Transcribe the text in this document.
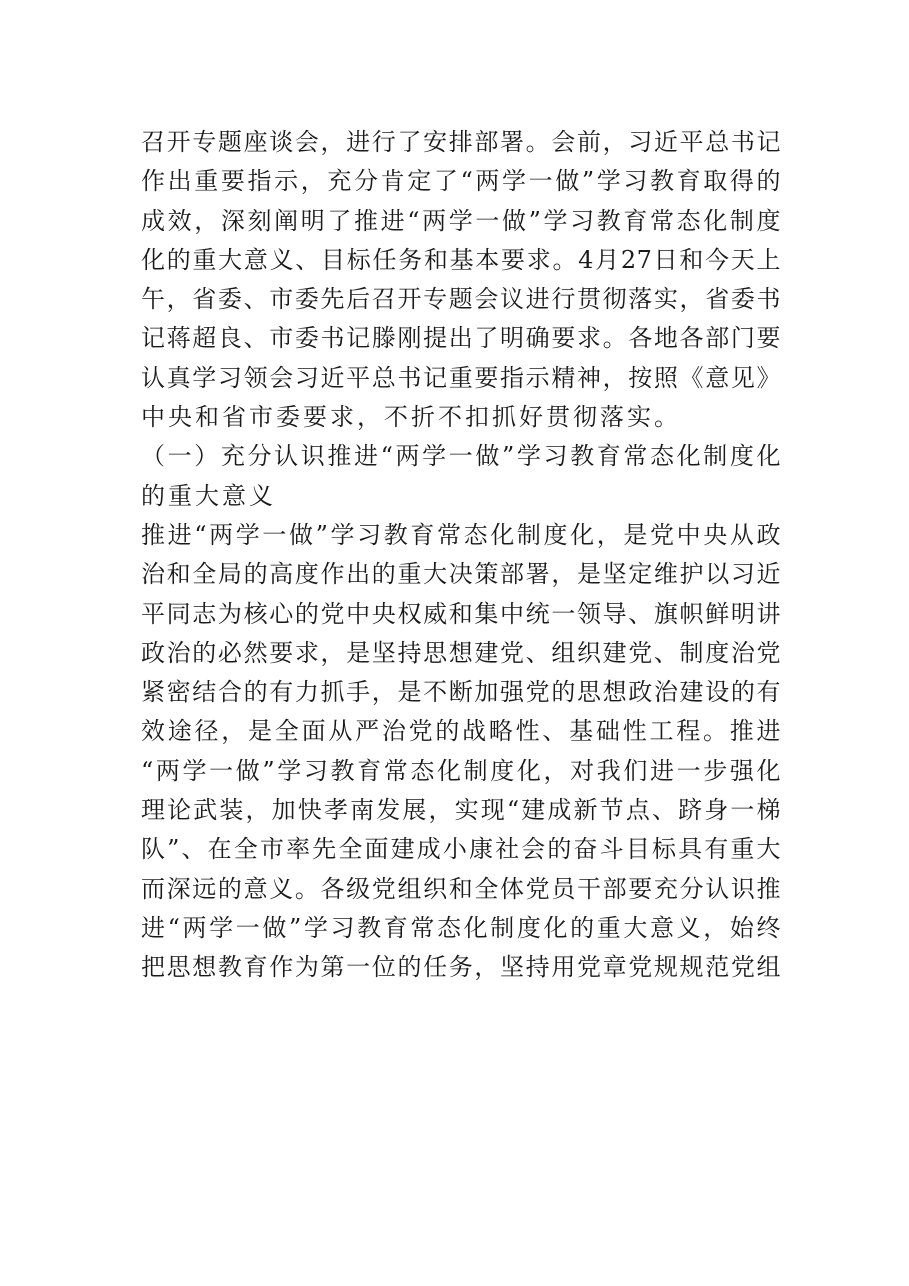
召开专题座谈会，进行了安排部署。会前，习近平总书记
作出重要指示，充分肯定了“两学一做”学习教育取得的
成效，深刻阐明了推进“两学一做”学习教育常态化制度
化的重大意义、目标任务和基本要求。4月27日和今天上
午，省委、市委先后召开专题会议进行贯彻落实，省委书
记蒋超良、市委书记滕刚提出了明确要求。各地各部门要
认真学习领会习近平总书记重要指示精神，按照《意见》
中央和省市委要求，不折不扣抓好贯彻落实。
（一）充分认识推进“两学一做”学习教育常态化制度化
的重大意义
推进“两学一做”学习教育常态化制度化，是党中央从政
治和全局的高度作出的重大决策部署，是坚定维护以习近
平同志为核心的党中央权威和集中统一领导、旗帜鲜明讲
政治的必然要求，是坚持思想建党、组织建党、制度治党
紧密结合的有力抓手，是不断加强党的思想政治建设的有
效途径，是全面从严治党的战略性、基础性工程。推进
“两学一做”学习教育常态化制度化，对我们进一步强化
理论武装，加快孝南发展，实现“建成新节点、跻身一梯
队”、在全市率先全面建成小康社会的奋斗目标具有重大
而深远的意义。各级党组织和全体党员干部要充分认识推
进“两学一做”学习教育常态化制度化的重大意义，始终
把思想教育作为第一位的任务，坚持用党章党规规范党组
